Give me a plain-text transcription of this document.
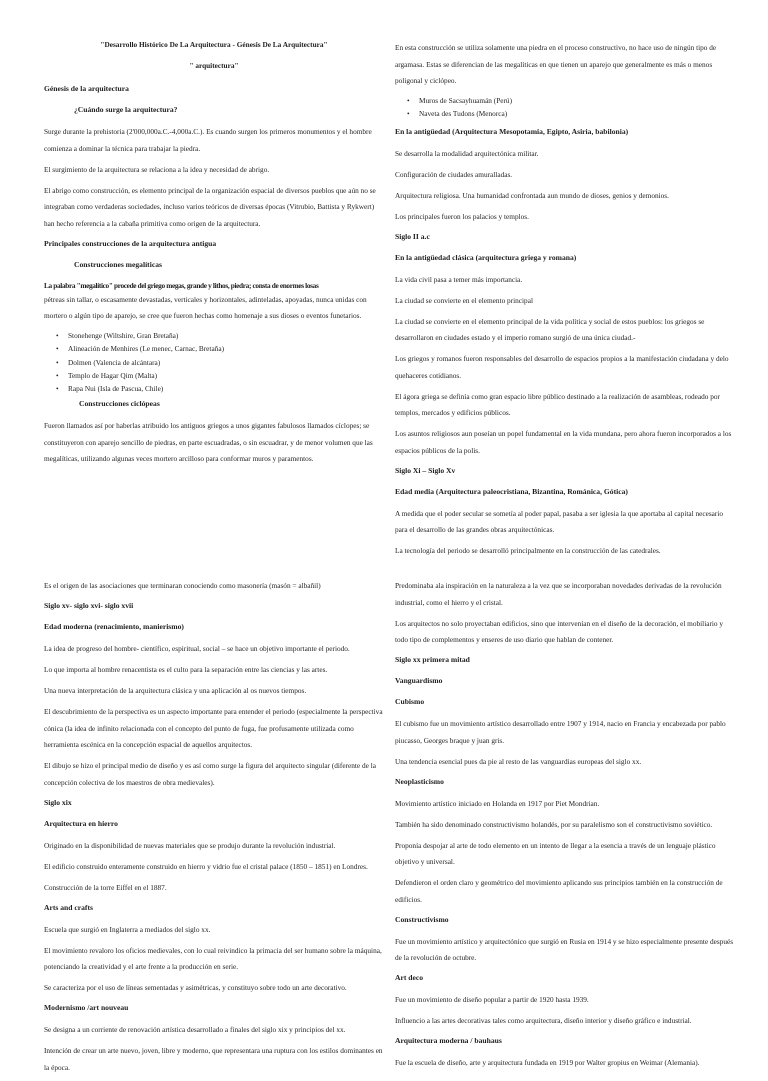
"Desarrollo Histórico De La Arquitectura - Génesis De La Arquitectura"

" arquitectura"

Génesis de la arquitectura

¿Cuándo surge la arquitectura?

Surge durante la prehistoria (2'000,000a.C.-4,000a.C.). Es cuando surgen los primeros monumentos y el hombre comienza a dominar la técnica para trabajar la piedra.

El surgimiento de la arquitectura se relaciona a la idea y necesidad de abrigo.

El abrigo como construcción, es elemento principal de la organización espacial de diversos pueblos que aún no se integraban como verdaderas sociedades, incluso varios teóricos de diversas épocas (Vitrubio, Battista y Rykwert) han hecho referencia a la cabaña primitiva como origen de la arquitectura.

Principales construcciones de la arquitectura antigua

Construcciones megalíticas

La palabra "megalítico" procede del griego megas, grande y lithos, piedra; consta de enormes losas

pétreas sin tallar, o escasamente devastadas, verticales y horizontales, adinteladas, apoyadas, nunca unidas con mortero o algún tipo de aparejo, se cree que fueron hechas como homenaje a sus dioses o eventos funetarios.

• Stonehenge (Wiltshire, Gran Bretaña)
• Alineación de Menhires (Le menec, Carnac, Bretaña)
• Dolmen (Valencia de alcántara)
• Templo de Hagar Qim (Malta)
• Rapa Nui (Isla de Pascua, Chile)

Construcciones ciclópeas

Fueron llamados así por haberlas atribuido los antiguos griegos a unos gigantes fabulosos llamados cíclopes; se constituyeron con aparejo sencillo de piedras, en parte escuadradas, o sin escuadrar, y de menor volumen que las megalíticas, utilizando algunas veces mortero arcilloso para conformar muros y paramentos.

En esta construcción se utiliza solamente una piedra en el proceso constructivo, no hace uso de ningún tipo de argamasa. Estas se diferencian de las megalíticas en que tienen un aparejo que generalmente es más o menos poligonal y ciclópeo.

• Muros de Sacsayhuamán (Perú)
• Naveta des Tudons (Menorca)

En la antigüedad (Arquitectura Mesopotamia, Egipto, Asiria, babilonia)

Se desarrolla la modalidad arquitectónica militar.

Configuración de ciudades amuralladas.

Arquitectura religiosa. Una humanidad confrontada aun mundo de dioses, genios y demonios.

Los principales fueron los palacios y templos.

Siglo II a.c

En la antigüedad clásica (arquitectura griega y romana)

La vida civil pasa a temer más importancia.

La ciudad se convierte en el elemento principal

La ciudad se convierte en el elemento principal de la vida política y social de estos pueblos: los griegos se desarrollaron en ciudades estado y el imperio romano surgió de una única ciudad.-

Los griegos y romanos fueron responsables del desarrollo de espacios propios a la manifestación ciudadana y delo quehaceres cotidianos.

El ágora griega se definía como gran espacio libre público destinado a la realización de asambleas, rodeado por templos, mercados y edificios públicos.

Los asuntos religiosos aun poseían un popel fundamental en la vida mundana, pero ahora fueron incorporados a los espacios públicos de la polis.

Siglo Xi – Siglo Xv

Edad media (Arquitectura paleocristiana, Bizantina, Románica, Gótica)

A medida que el poder secular se sometía al poder papal, pasaba a ser iglesia la que aportaba al capital necesario para el desarrollo de las grandes obras arquitectónicas.

La tecnología del periodo se desarrolló principalmente en la construcción de las catedrales.

Es el origen de las asociaciones que terminaran conociendo como masonería (masón = albañil)

Siglo xv- siglo xvi- siglo xvii

Edad moderna (renacimiento, manierismo)

La idea de progreso del hombre- científico, espiritual, social – se hace un objetivo importante el periodo.

Lo que importa al hombre renacentista es el culto para la separación entre las ciencias y las artes.

Una nueva interpretación de la arquitectura clásica y una aplicación al os nuevos tiempos.

El descubrimiento de la perspectiva es un aspecto importante para entender el periodo (especialmente la perspectiva cónica (la idea de infinito relacionada con el concepto del punto de fuga, fue profusamente utilizada como herramienta escénica en la concepción espacial de aquellos arquitectos.

El dibujo se hizo el principal medio de diseño y es así como surge la figura del arquitecto singular (diferente de la concepción colectiva de los maestros de obra medievales).

Siglo xix

Arquitectura en hierro

Originado en la disponibilidad de nuevas materiales que se produjo durante la revolución industrial.

El edificio construido enteramente construido en hierro y vidrio fue el cristal palace (1850 – 1851) en Londres.

Construcción de la torre Eiffel en el 1887.

Arts and crafts

Escuela que surgió en Inglaterra a mediados del siglo xx.

El movimiento revaloro los oficios medievales, con lo cual reivindico la primacia del ser humano sobre la máquina, potenciando la creatividad y el arte frente a la producción en serie.

Se caracteriza por el uso de líneas sementadas y asimétricas, y constituyo sobre todo un arte decorativo.

Modernismo /art nouveau

Se designa a un corriente de renovación artística desarrollado a finales del siglo xix y principios del xx.

Intención de crear un arte nuevo, joven, libre y moderno, que representara una ruptura con los estilos dominantes en la época.

Predominaba ala inspiración en la naturaleza a la vez que se incorporaban novedades derivadas de la revolución industrial, como el hierro y el cristal.

Los arquitectos no solo proyectaban edificios, sino que intervenían en el diseño de la decoración, el mobiliario y todo tipo de complementos y enseres de uso diario que hablan de contener.

Siglo xx primera mitad

Vanguardismo

Cubismo

El cubismo fue un movimiento artístico desarrollado entre 1907 y 1914, nacio en Francia y encabezada por pablo piucasso, Georges braque y juan gris.

Una tendencia esencial pues da pie al resto de las vanguardias europeas del siglo xx.

Neoplasticismo

Movimiento artístico iniciado en Holanda en 1917 por Piet Mondrian.

También ha sido denominado constructivismo holandés, por su paralelismo son el constructivismo soviético.

Proponía despojar al arte de todo elemento en un intento de llegar a la esencia a través de un lenguaje plástico objetivo y universal.

Defendieron el orden claro y geométrico del movimiento aplicando sus principios también en la construcción de edificios.

Constructivismo

Fue un movimiento artístico y arquitectónico que surgió en Rusia en 1914 y se hizo especialmente presente después de la revolución de octubre.

Art deco

Fue un movimiento de diseño popular a partir de 1920 hasta 1939.

Influencio a las artes decorativas tales como arquitectura, diseño interior y diseño gráfico e industrial.

Arquitectura moderna / bauhaus

Fue la escuela de diseño, arte y arquitectura fundada en 1919 por Walter gropius en Weimar (Alemania).
